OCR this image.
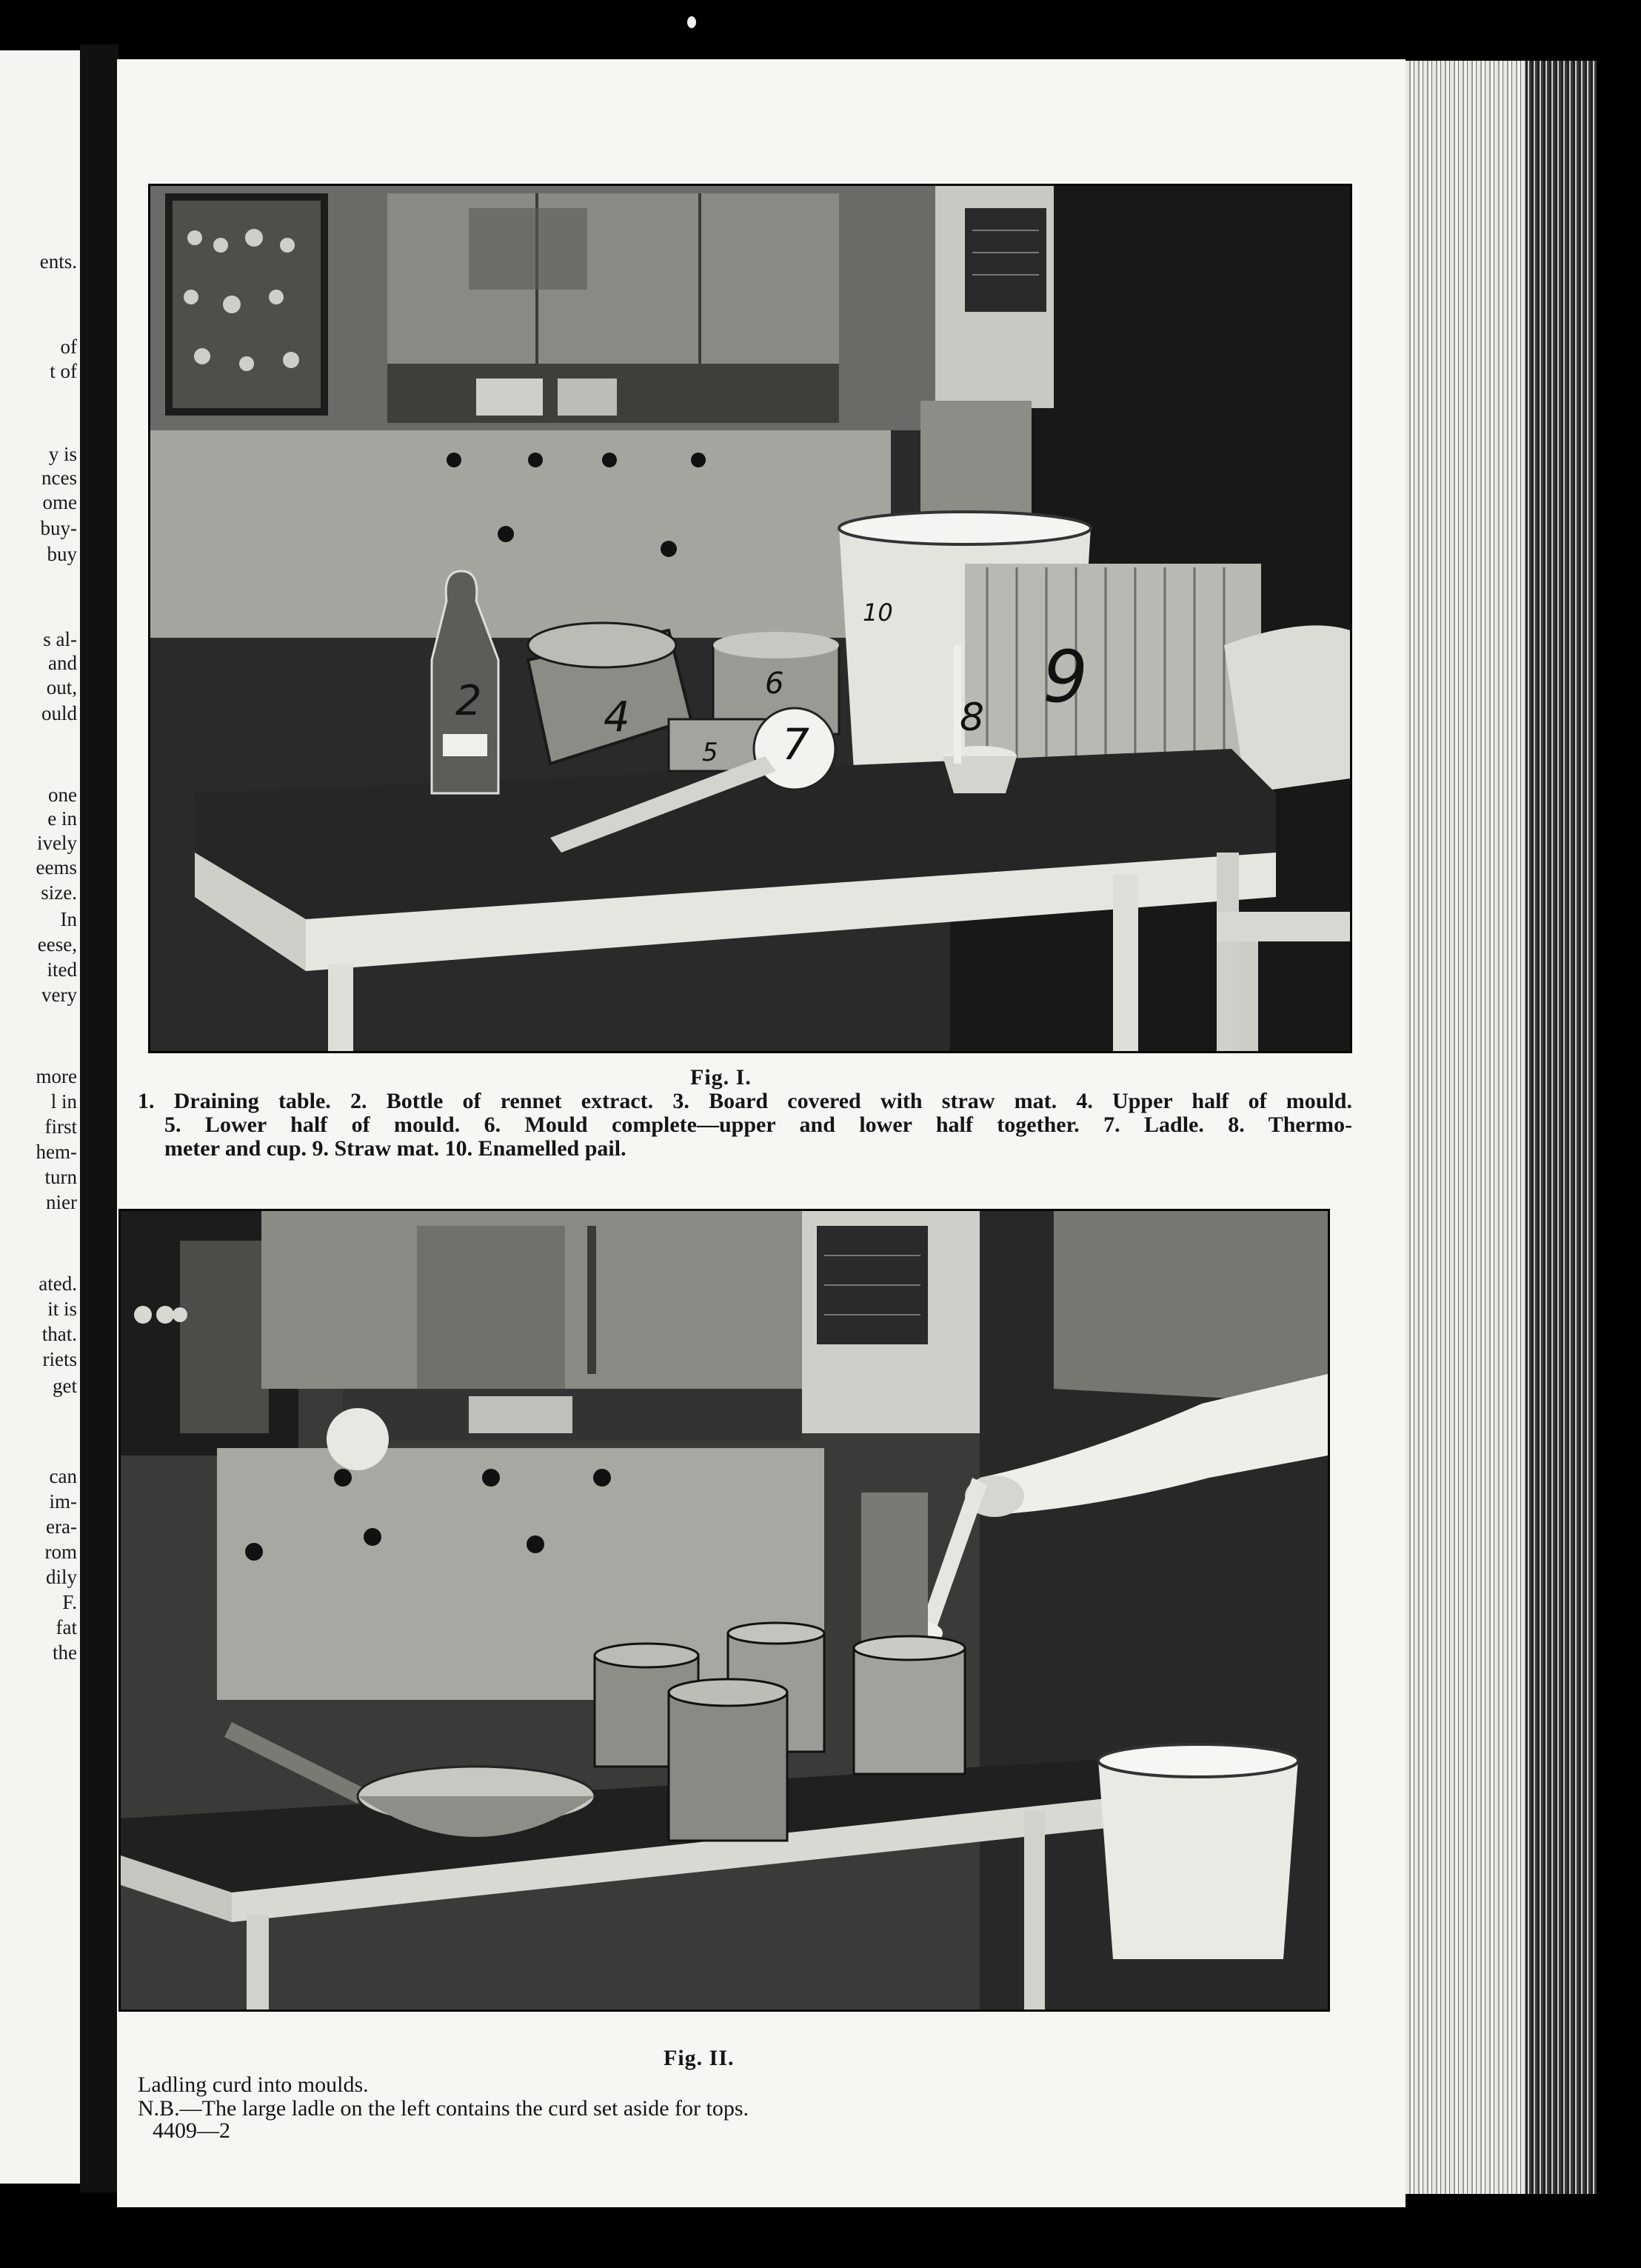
ents.
of
t of
y is
nces
ome
buy-
buy
s al-
and
out,
ould
one
e in
ively
eems
size.
In
eese,
ited
very
more
l in
first
hem-
turn
nier
ated.
it is
that.
riets
get
can
im-
era-
rom
dily
F.
fat
the
2	4
5
6
7
8 9
10
Fig. I.
1. Draining table. 2. Bottle of rennet extract. 3. Board covered with straw mat. 4. Upper half of mould.
5. Lower half of mould. 6. Mould complete—upper and lower half together. 7. Ladle. 8. Thermo-
meter and cup. 9. Straw mat. 10. Enamelled pail.
Fig. II.
Ladling curd into moulds.
N.B.—The large ladle on the left contains the curd set aside for tops.
4409—2
